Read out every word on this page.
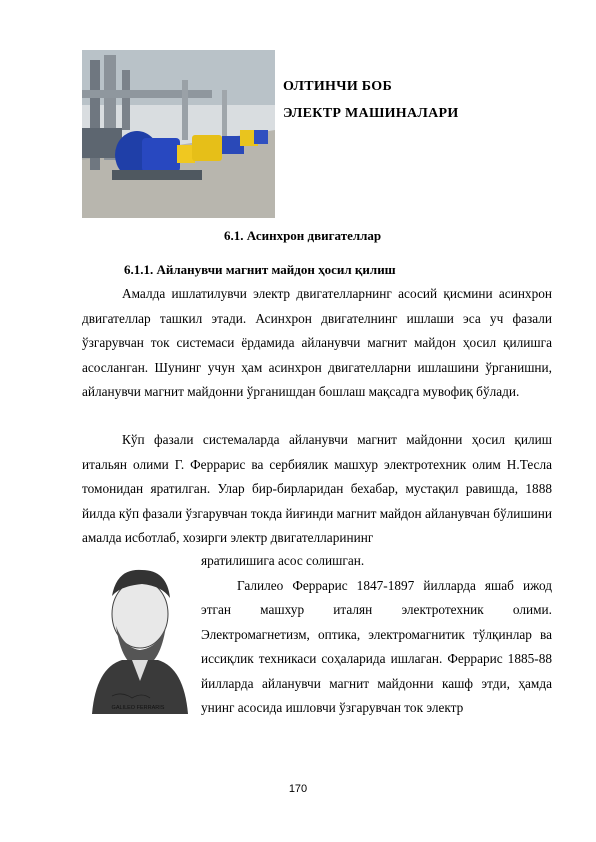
ОЛТИНЧИ БОБ
ЭЛЕКТР МАШИНАЛАРИ
6.1. Асинхрон двигателлар
6.1.1. Айланувчи магнит майдон ҳосил қилиш
Амалда ишлатилувчи электр двигателларнинг асосий қисмини асинхрон двигателлар ташкил этади. Асинхрон двигателнинг ишлаши эса уч фазали ўзгарувчан ток системаси ёрдамида айланувчи магнит майдон ҳосил қилишга асосланган. Шунинг учун ҳам асинхрон двигателларни ишлашини ўрганишни, айланувчи магнит майдонни ўрганишдан бошлаш мақсадга мувофиқ бўлади.
Кўп фазали системаларда айланувчи магнит майдонни ҳосил қилиш итальян олими Г. Феррарис ва сербиялик машхур электротехник олим Н.Тесла томонидан яратилган. Улар бир-бирларидан бехабар, мустақил равишда, 1888 йилда кўп фазали ўзгарувчан токда йиғинди магнит майдон айланувчан бўлишини амалда исботлаб, хозирги электр двигателларининг
GALILEO FERRARIS
яратилишига асос солишган.
Галилео Феррарис 1847-1897 йилларда яшаб ижод этган машхур италян электротехник олими. Электромагнетизм, оптика, электромагнитик тўлқинлар ва иссиқлик техникаси соҳаларида ишлаган. Феррарис 1885-88 йилларда айланувчи магнит майдонни кашф этди, ҳамда унинг асосида ишловчи ўзгарувчан ток электр
170
